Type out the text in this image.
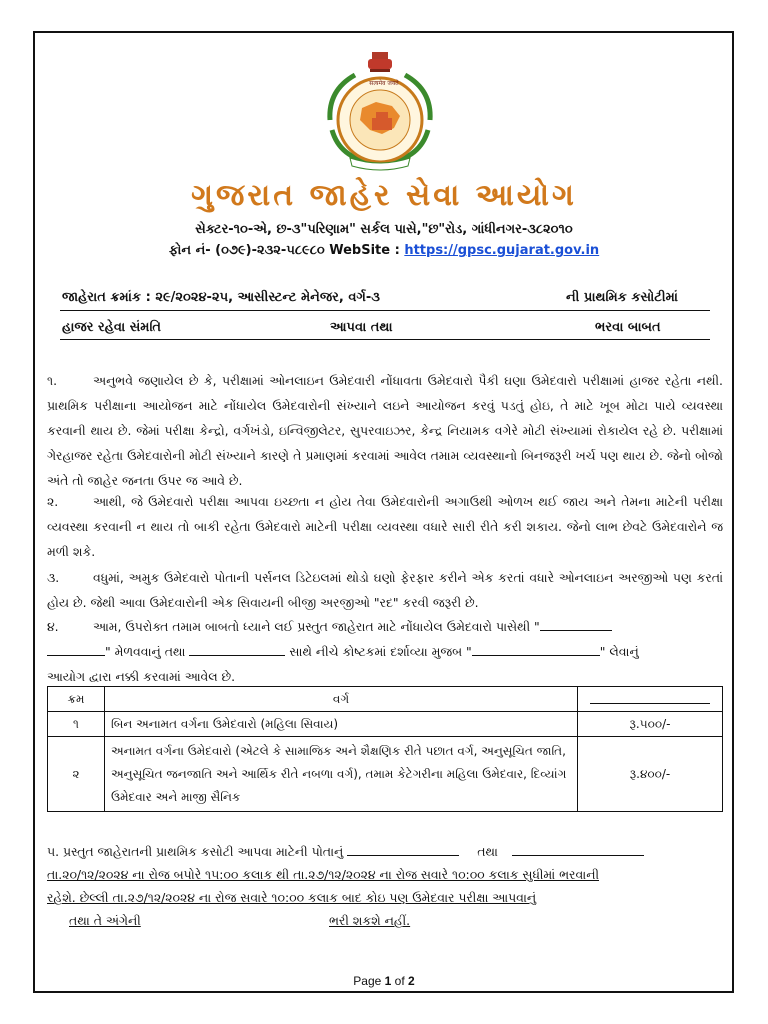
सत्यमेव जयते
ગુજરાત જાહેર સેવા આયોગ
સેક્ટર-૧૦-એ, છ-૩"પરિણામ" સર્કલ પાસે,"છ"રોડ, ગાંધીનગર-૩૮૨૦૧૦
ફોન નં- (૦૭૯)-૨૩૨-૫૮૯૮૦ WebSite : https://gpsc.gujarat.gov.in
જાહેરાત ક્રમાંક : ૨૯/૨૦૨૪-૨૫, આસીસ્ટન્ટ મેનેજર, વર્ગ-૩	ની પ્રાથમિક કસોટીમાં
હાજર રહેવા સંમતિ	આપવા તથા	ભરવા બાબત
૧.	અનુભવે જણાયેલ છે કે, પરીક્ષામાં ઓનલાઇન ઉમેદવારી નોંધાવતા ઉમેદવારો પૈકી ઘણા ઉમેદવારો પરીક્ષામાં હાજર રહેતા નથી. પ્રાથમિક પરીક્ષાના આયોજન માટે નોંધાયેલ ઉમેદવારોની સંખ્યાને લઇને આયોજન કરવું પડતું હોઇ, તે માટે ખૂબ મોટા પાયે વ્યવસ્થા કરવાની થાય છે. જેમાં પરીક્ષા કેન્દ્રો, વર્ગખંડો, ઇન્વિજીલેટર, સુપરવાઇઝર, કેન્દ્ર નિયામક વગેરે મોટી સંખ્યામાં રોકાયેલ રહે છે. પરીક્ષામાં ગેરહાજર રહેતા ઉમેદવારોની મોટી સંખ્યાને કારણે તે પ્રમાણમાં કરવામાં આવેલ તમામ વ્યવસ્થાનો બિનજરૂરી ખર્ચ પણ થાય છે. જેનો બોજો અંતે તો જાહેર જનતા ઉપર જ આવે છે.
૨.	આથી, જે ઉમેદવારો પરીક્ષા આપવા ઇચ્છતા ન હોય તેવા ઉમેદવારોની અગાઉથી ઓળખ થઈ જાય અને તેમના માટેની પરીક્ષા વ્યવસ્થા કરવાની ન થાય તો બાકી રહેતા ઉમેદવારો માટેની પરીક્ષા વ્યવસ્થા વધારે સારી રીતે કરી શકાય. જેનો લાભ છેવટે ઉમેદવારોને જ મળી શકે.
૩.	વધુમાં, અમુક ઉમેદવારો પોતાની પર્સનલ ડિટેઇલમાં થોડો ઘણો ફેરફાર કરીને એક કરતાં વધારે ઓનલાઇન અરજીઓ પણ કરતાં હોય છે. જેથી આવા ઉમેદવારોની એક સિવાયની બીજી અરજીઓ "રદ" કરવી જરૂરી છે.
૪.	આમ, ઉપરોક્ત તમામ બાબતો ધ્યાને લઈ પ્રસ્તુત જાહેરાત માટે નોંધાયેલ ઉમેદવારો પાસેથી "
" મેળવવાનું તથા	સાથે નીચે કોષ્ટકમાં દર્શાવ્યા મુજબ "	" લેવાનું
આયોગ દ્વારા નક્કી કરવામાં આવેલ છે.
ક્રમ	વર્ગ	
૧	બિન અનામત વર્ગના ઉમેદવારો (મહિલા સિવાય)	રૂ.૫૦૦/-
૨	અનામત વર્ગના ઉમેદવારો (એટલે કે સામાજિક અને શૈક્ષણિક રીતે પછાત વર્ગ, અનુસૂચિત જાતિ, અનુસૂચિત જનજાતિ અને આર્થિક રીતે નબળા વર્ગ), તમામ કેટેગરીના મહિલા ઉમેદવાર, દિવ્યાંગ ઉમેદવાર અને માજી સૈનિક	રૂ.૪૦૦/-
૫. પ્રસ્તુત જાહેરાતની પ્રાથમિક કસોટી આપવા માટેની પોતાનું	તથા
તા.૨૦/૧૨/૨૦૨૪ ના રોજ બપોરે ૧૫:૦૦ કલાક થી તા.૨૭/૧૨/૨૦૨૪ ના રોજ સવારે ૧૦:૦૦ કલાક સુધીમાં ભરવાની
રહેશે. છેલ્લી તા.૨૭/૧૨/૨૦૨૪ ના રોજ સવારે ૧૦:૦૦ કલાક બાદ કોઇ પણ ઉમેદવાર પરીક્ષા આપવાનું
તથા તે અંગેની	ભરી શકશે નહીં.
Page 1 of 2
